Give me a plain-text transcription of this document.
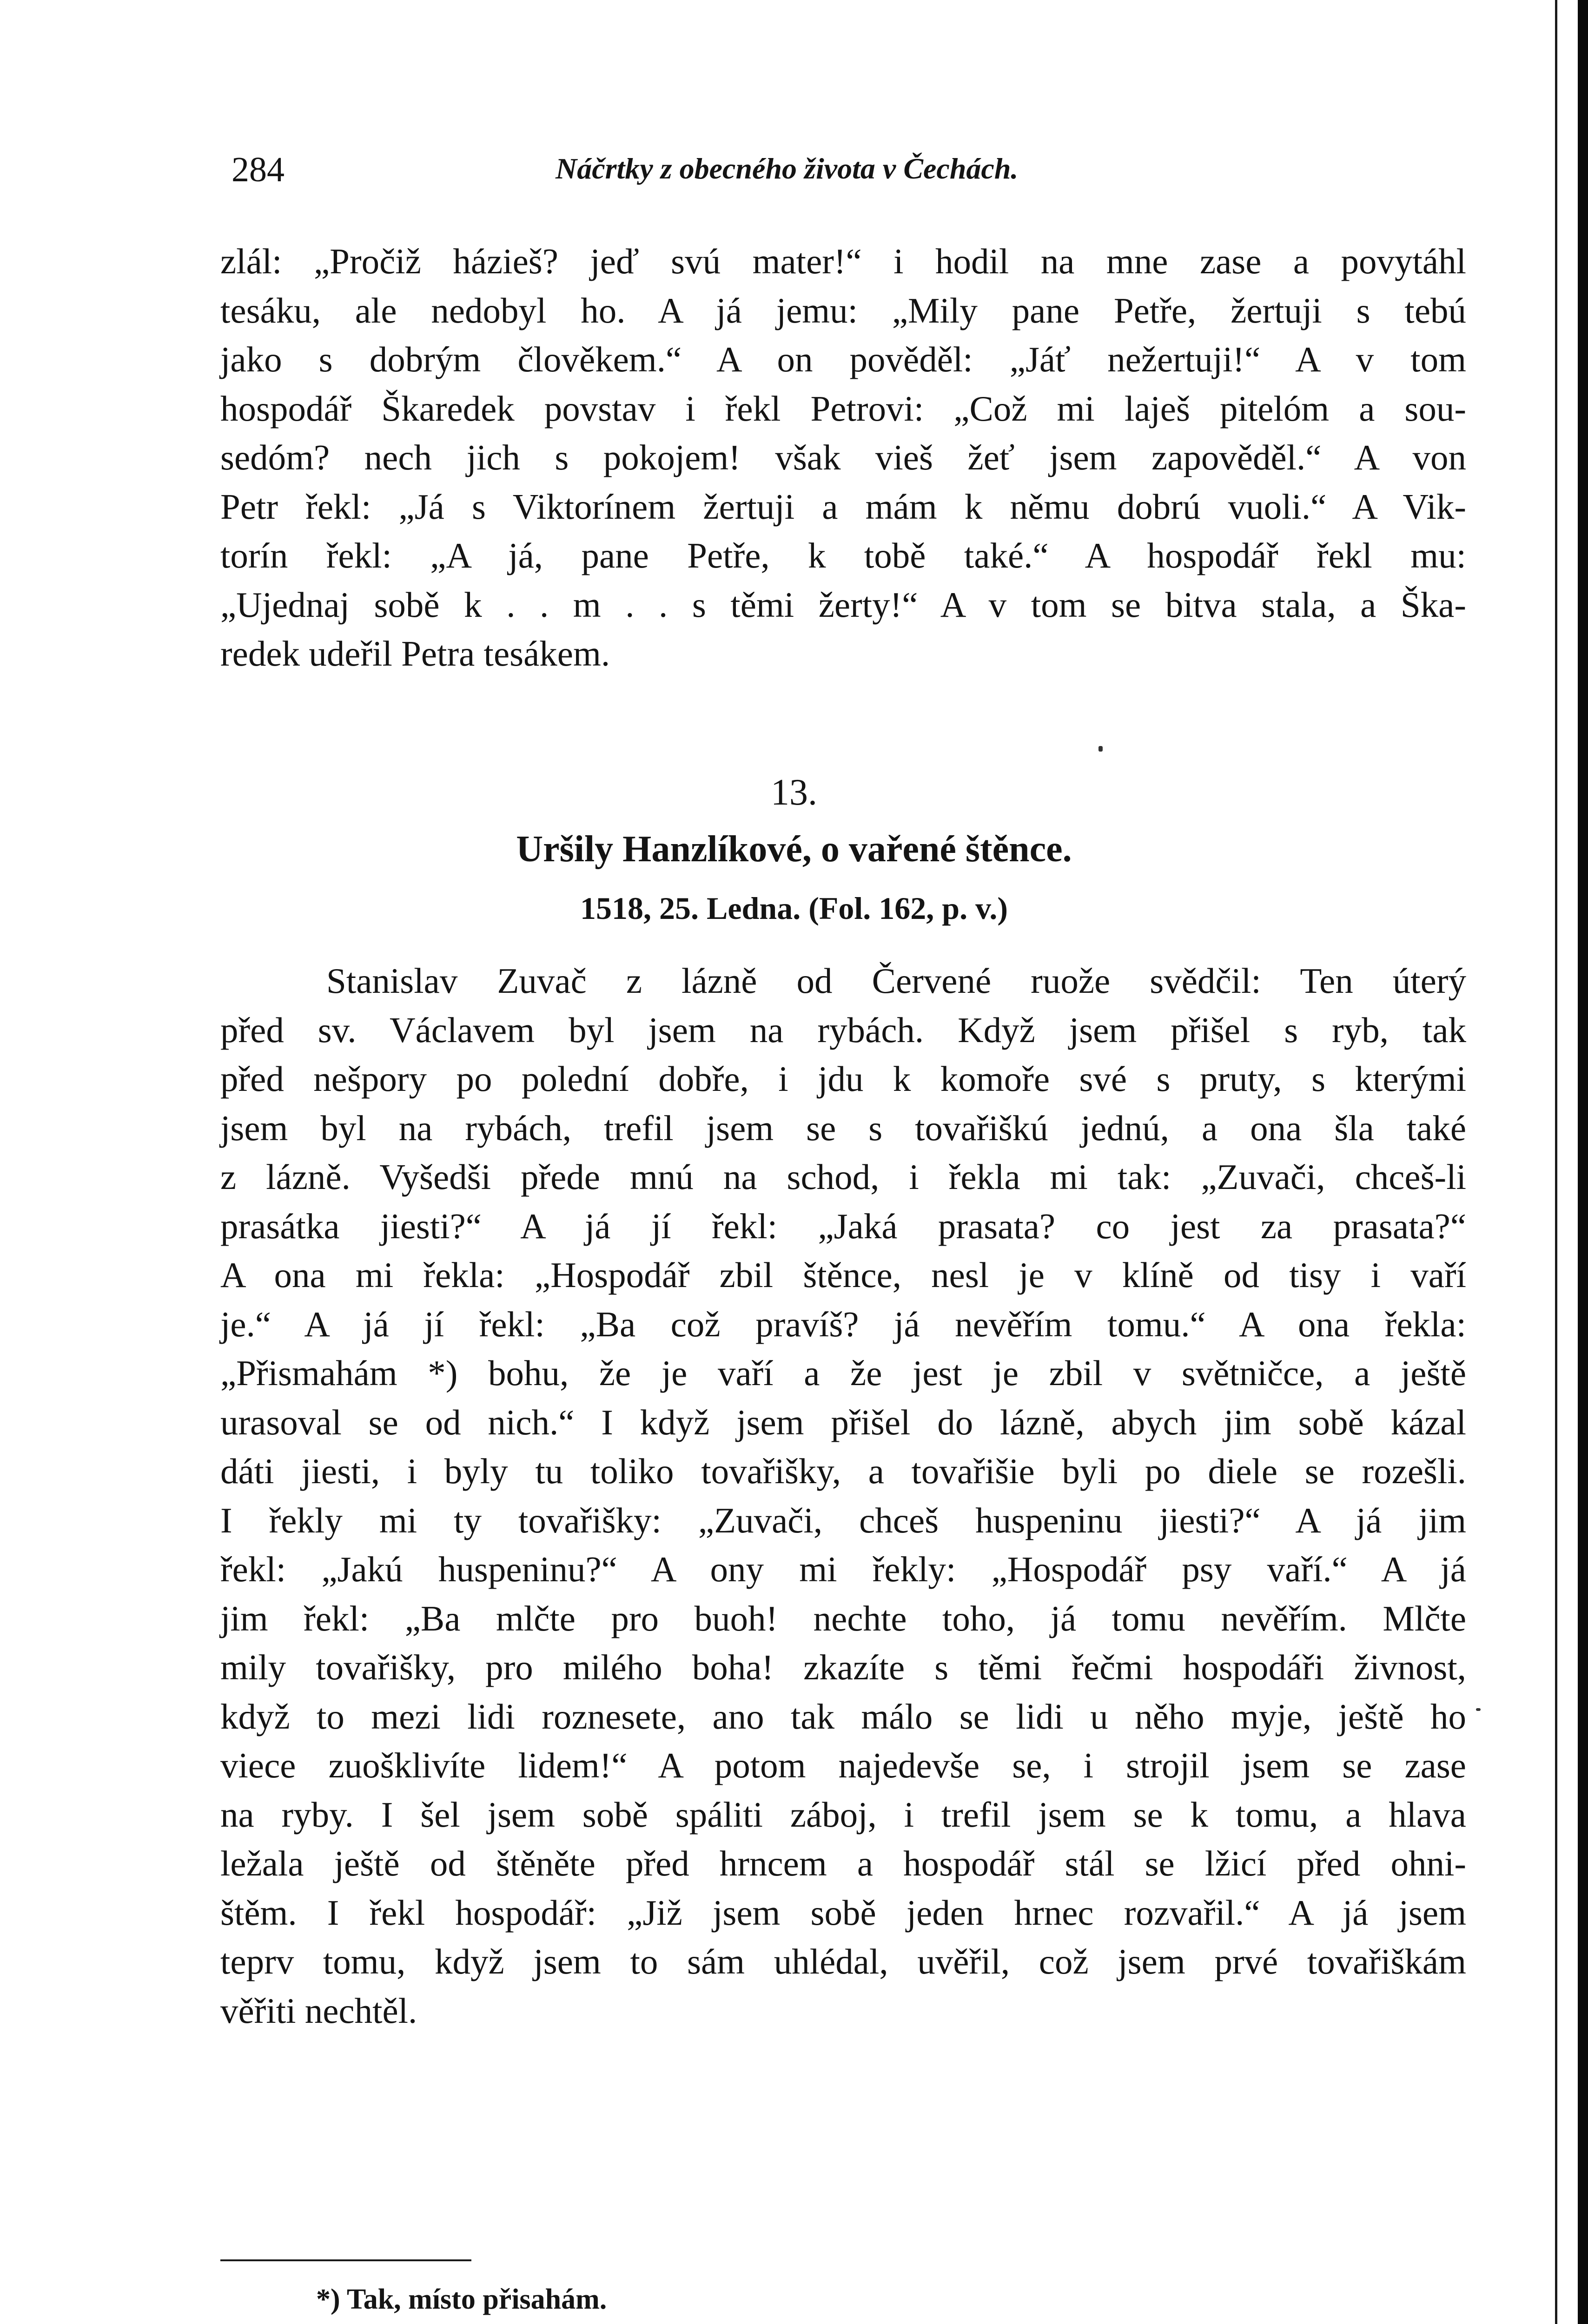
284	Náčrtky z obecného života v Čechách.
zlál: „Pročiž háziеš? jeď svú mater!“ i hodil na mne zase a povytáhl
tesáku, ale nedobyl ho. A já jemu: „Mily pane Petře, žertuji s tebú
jako s dobrým člověkem.“ A on pověděl: „Jáť nežertuji!“ A v tom
hospodář Škaredek povstav i řekl Petrovi: „Což mi laješ pitelóm a sou-
sedóm? nech jich s pokojem! však vieš žeť jsem zapověděl.“ A von
Petr řekl: „Já s Viktorínem žertuji a mám k němu dobrú vuoli.“ A Vik-
torín řekl: „A já, pane Petře, k tobě také.“ A hospodář řekl mu:
„Ujednaj sobě k . . m . . s těmi žerty!“ A v tom se bitva stala, a Ška-
redek udeřil Petra tesákem.
13.
Uršily Hanzlíkové, o vařené štěnce.
1518, 25. Ledna. (Fol. 162, p. v.)
Stanislav Zuvač z lázně od Červené ruože svědčil: Ten úterý
před sv. Václavem byl jsem na rybách. Když jsem přišel s ryb, tak
před nešpory po polední dobře, i jdu k komoře své s pruty, s kterými
jsem byl na rybách, trefil jsem se s tovařiškú jednú, a ona šla také
z lázně. Vyšedši přede mnú na schod, i řekla mi tak: „Zuvači, chceš-li
prasátka jiesti?“ A já jí řekl: „Jaká prasata? co jest za prasata?“
A ona mi řekla: „Hospodář zbil štěnce, nesl je v klíně od tisy i vaří
je.“ A já jí řekl: „Ba což pravíš? já nevěřím tomu.“ A ona řekla:
„Přismahám *) bohu, že je vaří a že jest je zbil v světničce, a ještě
urasoval se od nich.“ I když jsem přišel do lázně, abych jim sobě kázal
dáti jiesti, i byly tu toliko tovařišky, a tovařišie byli po diele se rozešli.
I řekly mi ty tovařišky: „Zuvači, chceš huspeninu jiesti?“ A já jim
řekl: „Jakú huspeninu?“ A ony mi řekly: „Hospodář psy vaří.“ A já
jim řekl: „Ba mlčte pro buoh! nechte toho, já tomu nevěřím. Mlčte
mily tovařišky, pro milého boha! zkazíte s těmi řečmi hospodáři živnost,
když to mezi lidi roznesete, ano tak málo se lidi u něho myje, ještě ho
viece zuošklivíte lidem!“ A potom najedevše se, i strojil jsem se zase
na ryby. I šel jsem sobě spáliti záboj, i trefil jsem se k tomu, a hlava
ležala ještě od štěněte před hrncem a hospodář stál se lžicí před ohni-
štěm. I řekl hospodář: „Již jsem sobě jeden hrnec rozvařil.“ A já jsem
teprv tomu, když jsem to sám uhlédal, uvěřil, což jsem prvé tovařiškám
věřiti nechtěl.
*) Tak, místo přisahám.
